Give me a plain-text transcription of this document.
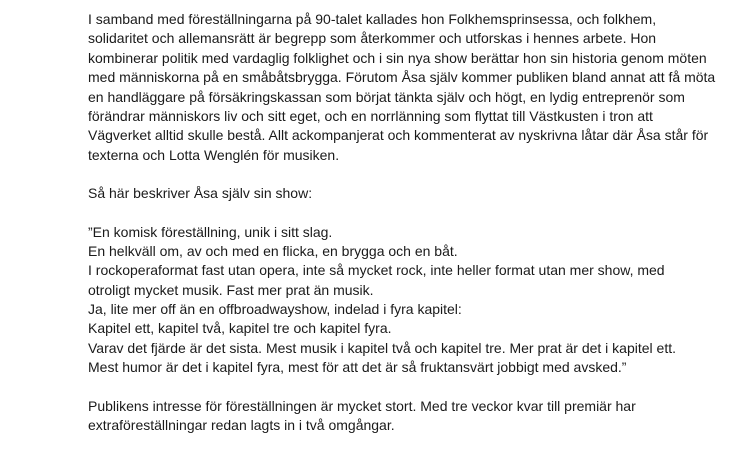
I samband med föreställningarna på 90-talet kallades hon Folkhemsprinsessa, och folkhem,
solidaritet och allemansrätt är begrepp som återkommer och utforskas i hennes arbete. Hon
kombinerar politik med vardaglig folklighet och i sin nya show berättar hon sin historia genom möten
med människorna på en småbåtsbrygga. Förutom Åsa själv kommer publiken bland annat att få möta
en handläggare på försäkringskassan som börjat tänkta själv och högt, en lydig entreprenör som
förändrar människors liv och sitt eget, och en norrlänning som flyttat till Västkusten i tron att
Vägverket alltid skulle bestå. Allt ackompanjerat och kommenterat av nyskrivna låtar där Åsa står för
texterna och Lotta Wenglén för musiken.

Så här beskriver Åsa själv sin show:

”En komisk föreställning, unik i sitt slag.
En helkväll om, av och med en flicka, en brygga och en båt.
I rockoperaformat fast utan opera, inte så mycket rock, inte heller format utan mer show, med
otroligt mycket musik. Fast mer prat än musik.
Ja, lite mer off än en offbroadwayshow, indelad i fyra kapitel:
Kapitel ett, kapitel två, kapitel tre och kapitel fyra.
Varav det fjärde är det sista. Mest musik i kapitel två och kapitel tre. Mer prat är det i kapitel ett.
Mest humor är det i kapitel fyra, mest för att det är så fruktansvärt jobbigt med avsked.”

Publikens intresse för föreställningen är mycket stort. Med tre veckor kvar till premiär har
extraföreställningar redan lagts in i två omgångar.
